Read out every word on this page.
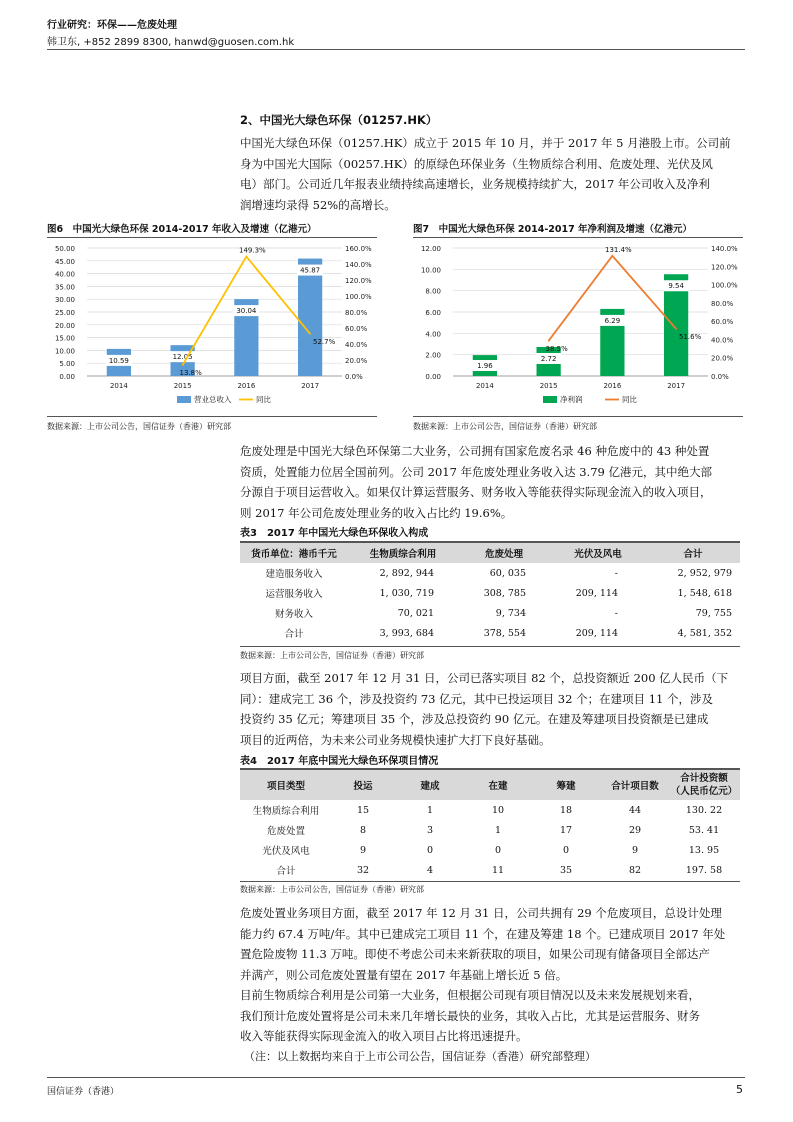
行业研究：环保——危废处理
韩卫东, +852 2899 8300, hanwd@guosen.com.hk
2、中国光大绿色环保（01257.HK）
中国光大绿色环保（01257.HK）成立于 2015 年 10 月，并于 2017 年 5 月港股上市。公司前
身为中国光大国际（00257.HK）的原绿色环保业务（生物质综合利用、危废处理、光伏及风
电）部门。公司近几年报表业绩持续高速增长，业务规模持续扩大，2017 年公司收入及净利
润增速均录得 52%的高增长。
图6　中国光大绿色环保 2014-2017 年收入及增速（亿港元）	图7　中国光大绿色环保 2014-2017 年净利润及增速（亿港元）
0.00
5.00
10.00
15.00
20.00
25.00
30.00
35.00
40.00
45.00
50.00
0.0%
20.0%
40.0%
60.0%
80.0%
100.0%
120.0%
140.0%
160.0%
10.59	12.05
30.04
45.87
2014	2015	2016	2017
13.8%
149.3%
52.7%
营业总收入	同比
0.00
2.00
4.00
6.00
8.00
10.00
12.00
0.0%
20.0%
40.0%
60.0%
80.0%
100.0%
120.0%
140.0%
1.96
2.72
6.29
9.54
2014	2015	2016	2017
38.5%
131.4%
51.6%
净利润	同比
数据来源：上市公司公告，国信证券（香港）研究部	数据来源：上市公司公告，国信证券（香港）研究部
危废处理是中国光大绿色环保第二大业务，公司拥有国家危废名录 46 种危废中的 43 种处置
资质，处置能力位居全国前列。公司 2017 年危废处理业务收入达 3.79 亿港元，其中绝大部
分源自于项目运营收入。如果仅计算运营服务、财务收入等能获得实际现金流入的收入项目，
则 2017 年公司危废处理业务的收入占比约 19.6%。
表3　2017 年中国光大绿色环保收入构成
货币单位：港币千元	生物质综合利用	危废处理	光伏及风电	合计
建造服务收入	2, 892, 944	60, 035	-	2, 952, 979
运营服务收入	1, 030, 719	308, 785	209, 114	1, 548, 618
财务收入	70, 021	9, 734	-	79, 755
合计	3, 993, 684	378, 554	209, 114	4, 581, 352
数据来源：上市公司公告，国信证券（香港）研究部
项目方面，截至 2017 年 12 月 31 日，公司已落实项目 82 个，总投资额近 200 亿人民币（下
同）：建成完工 36 个，涉及投资约 73 亿元，其中已投运项目 32 个；在建项目 11 个，涉及
投资约 35 亿元；筹建项目 35 个，涉及总投资约 90 亿元。在建及筹建项目投资额是已建成
项目的近两倍，为未来公司业务规模快速扩大打下良好基础。
表4　2017 年底中国光大绿色环保项目情况
项目类型	投运	建成	在建	筹建	合计项目数	合计投资额
（人民币亿元）
生物质综合利用	15	1	10	18	44	130. 22
危废处置	8	3	1	17	29	53. 41
光伏及风电	9	0	0	0	9	13. 95
合计	32	4	11	35	82	197. 58
数据来源：上市公司公告，国信证券（香港）研究部
危废处置业务项目方面，截至 2017 年 12 月 31 日，公司共拥有 29 个危废项目，总设计处理
能力约 67.4 万吨/年。其中已建成完工项目 11 个，在建及筹建 18 个。已建成项目 2017 年处
置危险废物 11.3 万吨。即使不考虑公司未来新获取的项目，如果公司现有储备项目全部达产
并满产，则公司危废处置量有望在 2017 年基础上增长近 5 倍。
目前生物质综合利用是公司第一大业务，但根据公司现有项目情况以及未来发展规划来看，
我们预计危废处置将是公司未来几年增长最快的业务，其收入占比，尤其是运营服务、财务
收入等能获得实际现金流入的收入项目占比将迅速提升。
（注：以上数据均来自于上市公司公告，国信证券（香港）研究部整理）
国信证券（香港）	5
